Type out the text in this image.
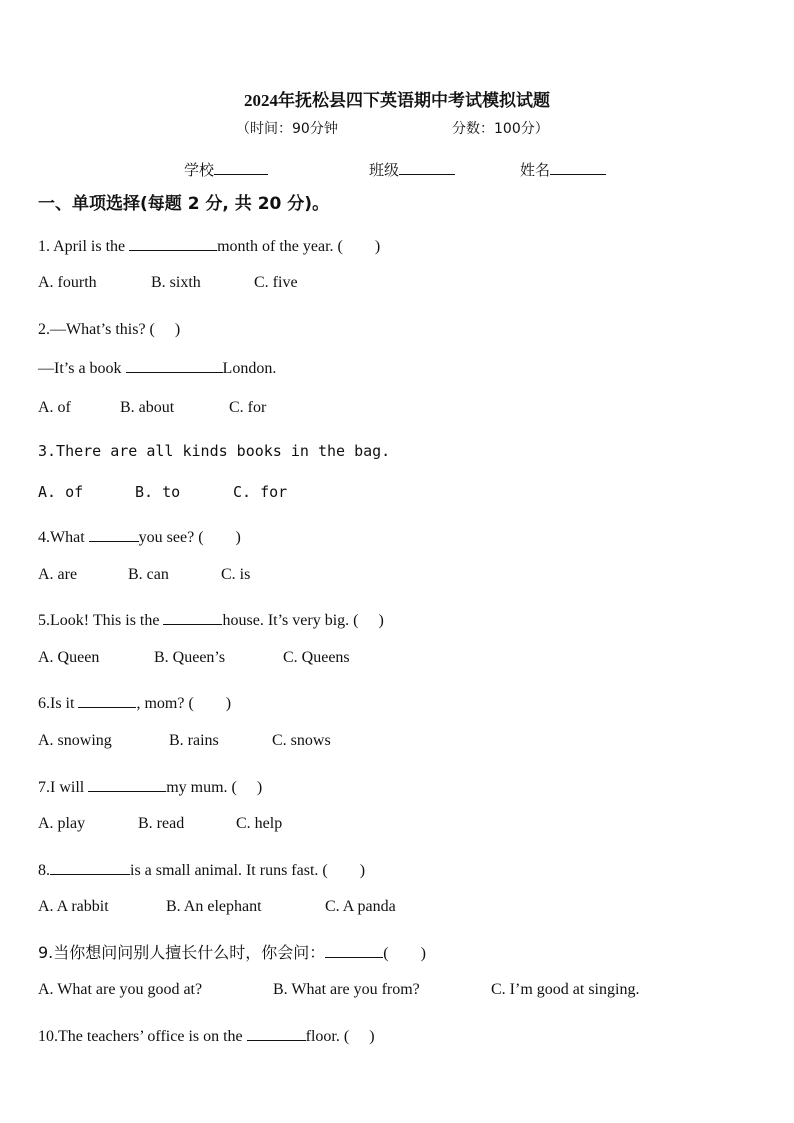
2024年抚松县四下英语期中考试模拟试题
（时间：90分钟	分数：100分）
学校	班级	姓名
一、单项选择(每题 2 分, 共 20 分)。
1. April is the	month of the year. (　　)
A. fourth	B. sixth	C. five
2.—What’s this? (　 )
—It’s a book	London.
A. of	B. about	C. for
3.There are all kinds books in the bag.
A. of	B. to	C. for
4.What	you see? (　　)
A. are	B. can	C. is
5.Look! This is the	house. It’s very big. (　 )
A. Queen	B. Queen’s	C. Queens
6.Is it	, mom? (　　)
A. snowing	B. rains	C. snows
7.I will	my mum. (　 )
A. play	B. read	C. help
8.	is a small animal. It runs fast. (　　)
A. A rabbit	B. An elephant	C. A panda
9.当你想问问别人擅长什么时，你会问：	(　　)
A. What are you good at?	B. What are you from?	C. I’m good at singing.
10.The teachers’ office is on the	floor. (　 )
